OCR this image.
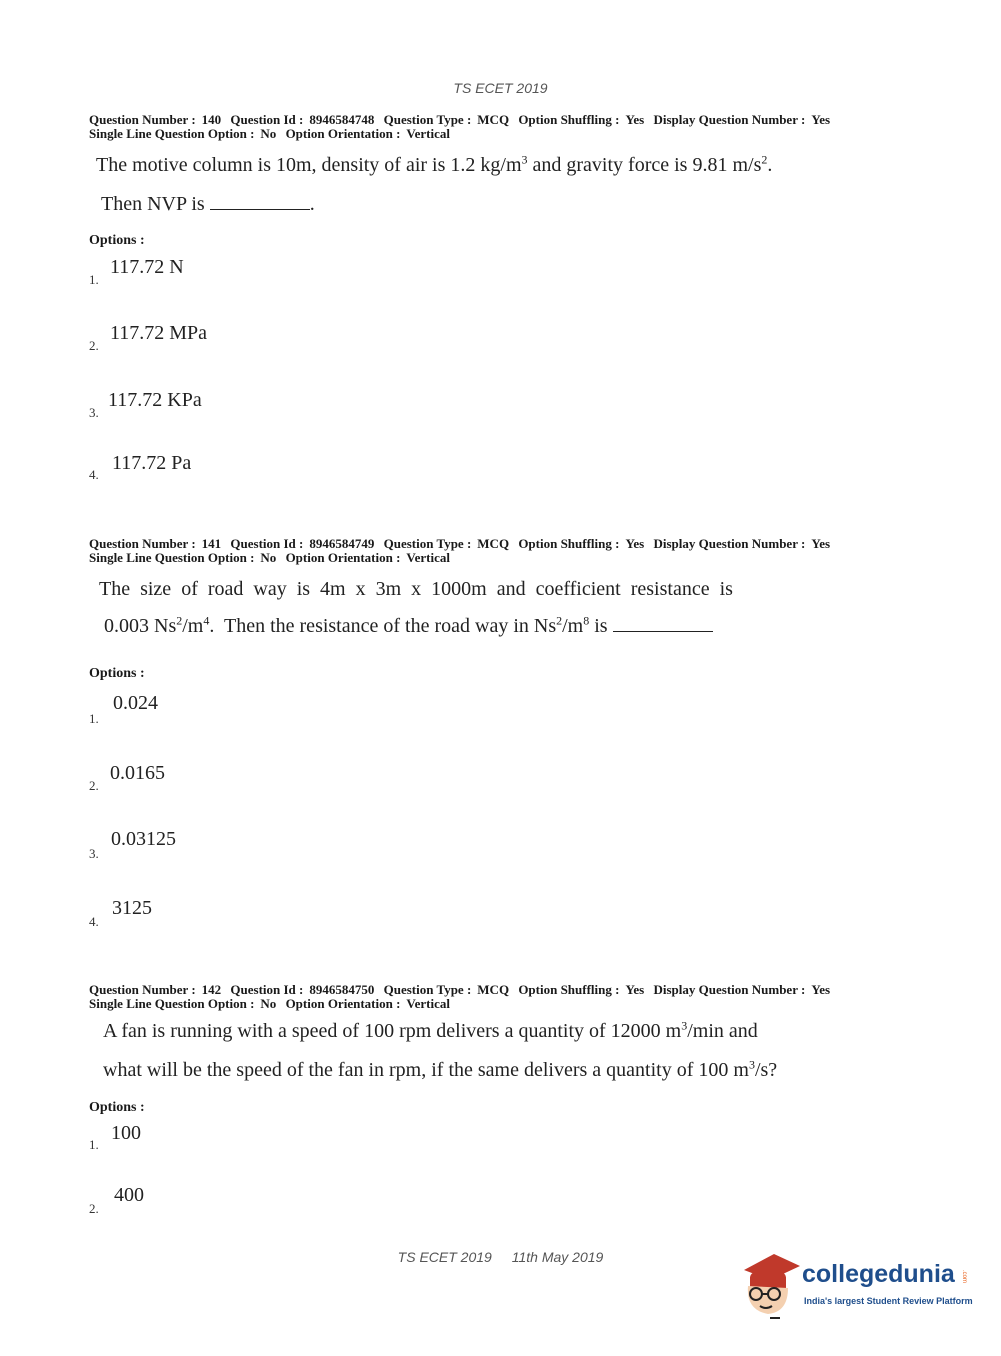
TS ECET 2019
Question Number : 140 Question Id : 8946584748 Question Type : MCQ Option Shuffling : Yes Display Question Number : Yes
Single Line Question Option : No Option Orientation : Vertical
The motive column is 10m, density of air is 1.2 $kg/m^3$ and gravity force is 9.81 $m/s^2$.
Then NVP is	.
Options :
1.
117.72 N
2.
117.72 MPa
3.
117.72 KPa
4.
117.72 Pa
Question Number : 141 Question Id : 8946584749 Question Type : MCQ Option Shuffling : Yes Display Question Number : Yes
Single Line Question Option : No Option Orientation : Vertical
The  size  of  road  way  is  4m  x  3m  x  1000m  and  coefficient  resistance  is
0.003 $Ns^2/m^4$.  Then the resistance of the road way in $Ns^2/m^8$ is
Options :
1.
0.024
2.
0.0165
3.
0.03125
4.
3125
Question Number : 142 Question Id : 8946584750 Question Type : MCQ Option Shuffling : Yes Display Question Number : Yes
Single Line Question Option : No Option Orientation : Vertical
A fan is running with a speed of 100 rpm delivers a quantity of 12000 $m^3/\min$ and
what will be the speed of the fan in rpm, if the same delivers a quantity of 100 $m^3/s$?
Options :
1.
100
2.
400
TS ECET 2019 11th May 2019
collegedunia .com
India's largest Student Review Platform
